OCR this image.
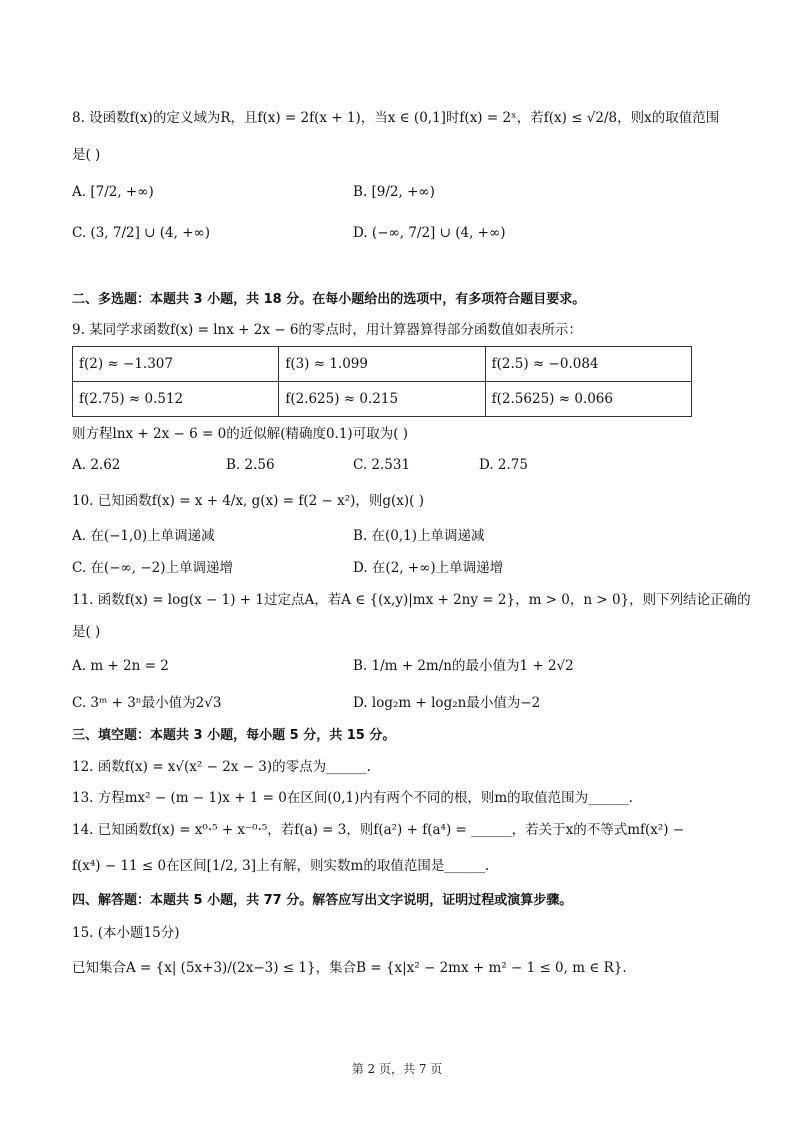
8. 设函数f(x)的定义域为R，且f(x) = 2f(x + 1)，当x ∈ (0,1]时f(x) = 2ˣ，若f(x) ≤ √2/8，则x的取值范围
是( )
A. [7/2, +∞)	B. [9/2, +∞)
C. (3, 7/2] ∪ (4, +∞)	D. (−∞, 7/2] ∪ (4, +∞)
二、多选题：本题共 3 小题，共 18 分。在每小题给出的选项中，有多项符合题目要求。
9. 某同学求函数f(x) = lnx + 2x − 6的零点时，用计算器算得部分函数值如表所示：
f(2) ≈ −1.307	f(3) ≈ 1.099	f(2.5) ≈ −0.084
f(2.75) ≈ 0.512	f(2.625) ≈ 0.215	f(2.5625) ≈ 0.066
则方程lnx + 2x − 6 = 0的近似解(精确度0.1)可取为( )
A. 2.62	B. 2.56	C. 2.531	D. 2.75
10. 已知函数f(x) = x + 4/x, g(x) = f(2 − x²)，则g(x)( )
A. 在(−1,0)上单调递减	B. 在(0,1)上单调递减
C. 在(−∞, −2)上单调递增	D. 在(2, +∞)上单调递增
11. 函数f(x) = log(x − 1) + 1过定点A，若A ∈ {(x,y)|mx + 2ny = 2}，m > 0，n > 0}，则下列结论正确的
是( )
A. m + 2n = 2	B. 1/m + 2m/n的最小值为1 + 2√2
C. 3ᵐ + 3ⁿ最小值为2√3	D. log₂m + log₂n最小值为−2
三、填空题：本题共 3 小题，每小题 5 分，共 15 分。
12. 函数f(x) = x√(x² − 2x − 3)的零点为______.
13. 方程mx² − (m − 1)x + 1 = 0在区间(0,1)内有两个不同的根，则m的取值范围为______.
14. 已知函数f(x) = x⁰·⁵ + x⁻⁰·⁵，若f(a) = 3，则f(a²) + f(a⁴) = ______，若关于x的不等式mf(x²) −
f(x⁴) − 11 ≤ 0在区间[1/2, 3]上有解，则实数m的取值范围是______.
四、解答题：本题共 5 小题，共 77 分。解答应写出文字说明，证明过程或演算步骤。
15. (本小题15分)
已知集合A = {x| (5x+3)/(2x−3) ≤ 1}，集合B = {x|x² − 2mx + m² − 1 ≤ 0, m ∈ R}.
第 2 页，共 7 页
